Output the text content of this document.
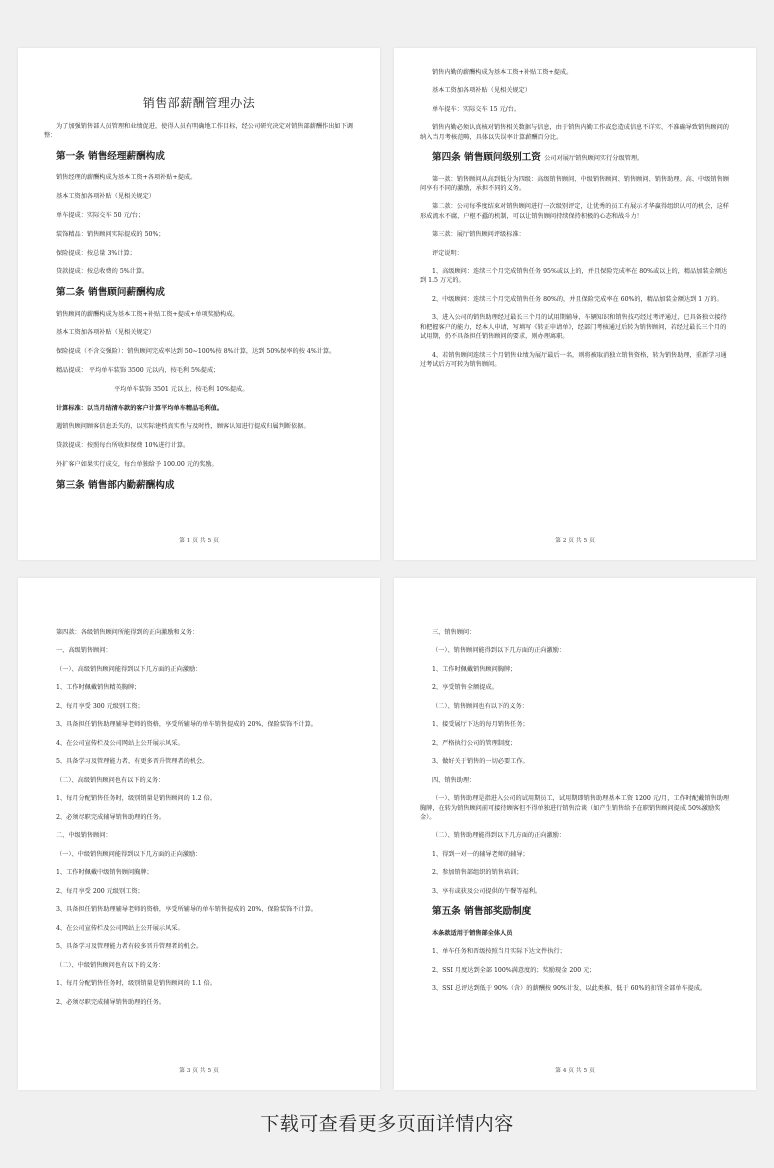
销售部薪酬管理办法
为了加强销售部人员管理和业绩促进，使得人员有明确地工作目标，经公司研究决定对销售部薪酬作出如下调整：
第一条 销售经理薪酬构成
销售经理的薪酬构成为基本工资+各项补贴+提成。
基本工资加各项补贴（见相关规定）
单车提成：实际交车 50 元/台；
装饰精品：销售顾问实际提成的 50%；
保险提成：按总量 3%计算；
贷款提成：按总收费的 5%计算。
第二条 销售顾问薪酬构成
销售顾问的薪酬构成为基本工资+补贴工资+提成+单项奖励构成。
基本工资加各项补贴（见相关规定）
保险提成（不含交强险）：销售顾问完成率达到 50~100%按 8%计算，达到 50%保率的按 4%计算。
精品提成： 平均单车装饰 3500 元以内，按毛利 5%提成；
平均单车装饰 3501 元以上，按毛利 10%提成。
计算标准：以当月结清车款的客户计算平均单车精品毛利值。
遇销售顾问顾客信息丢失的，以实际建档真实性与及时性，顾客认知进行提成归属判断依据。
贷款提成：按照每台所收担保费 10%进行计算。
外扩客户如果实行成交，每台单独给予 100.00 元的奖励。
第三条 销售部内勤薪酬构成
第 1 页 共 5 页
销售内勤的薪酬构成为基本工资+补贴工资+提成。
基本工资加各项补贴（见相关规定）
单车提车：实际交车 15 元/台。
销售内勤必须认真核对销售相关数据与信息，由于销售内勤工作或怠造成信息不详实、不准确导致销售顾问的纳入当月考核范畴，具体以失误率计算薪酬百分比。
第四条 销售顾问级别工资 公司对展厅销售顾问实行分级管理。
第一款：销售顾问从高到低分为四级：高级销售顾问、中级销售顾问、销售顾问、销售助理。高、中级销售顾问享有不同的激励，承担不同的义务。
第二款：公司每季度结束对销售顾问进行一次级别评定，让优秀的员工有展示才华赢得组织认可的机会，这样形成流水不腐，户枢不蠹的机制，可以让销售顾问持续保持积极的心态和战斗力！
第三款：展厅销售顾问评级标准：
评定说明：
1、高级顾问：连续三个月完成销售任务 95%或以上的，并且保险完成率在 80%或以上的，精品加装金额达到 1.5 万元的。
2、中级顾问：连续三个月完成销售任务 80%的，并且保险完成率在 60%的，精品加装金额达到 1 万的。
3、进入公司的销售助理经过最长三个月的试用期辅导，车辆知识和销售技巧经过考评通过，已具备独立接待和把握客户的能力，经本人申请，写填写《转正申请单》，经部门考核通过后转为销售顾问，若经过最长三个月的试用期，仍不具备担任销售顾问的要求，则办理离职。
4、若销售顾问连续三个月销售业绩为展厅最后一名，则将被取消独立销售资格，转为销售助理，重新学习通过考试后方可转为销售顾问。
第 2 页 共 5 页
第四款：各级销售顾问所能得到的正向激励和义务：
一、高级销售顾问：
（一）、高级销售顾问能得到以下几方面的正向激励：
1、工作时佩戴销售精英胸牌；
2、每月享受 300 元级别工资；
3、具备担任销售助理辅导老师的资格，享受所辅导的单车销售提成的 20%，保险装饰不计算。
4、在公司宣传栏及公司网站上公开展示风采。
5、具备学习及管理能力者，有更多晋升管理者的机会。
（二）、高级销售顾问也有以下的义务：
1、每月分配销售任务时，级别销量是销售顾问的 1.2 倍。
2、必须尽职完成辅导销售助理的任务。
二、中级销售顾问：
（一）、中级销售顾问能得到以下几方面的正向激励：
1、工作时佩戴中级销售顾问胸牌；
2、每月享受 200 元级别工资；
3、具备担任销售助理辅导老师的资格，享受所辅导的单车销售提成的 20%，保险装饰不计算。
4、在公司宣传栏及公司网站上公开展示风采。
5、具备学习及管理能力者有较多晋升管理者的机会。
（二）、中级销售顾问也有以下的义务：
1、每月分配销售任务时，级别销量是销售顾问的 1.1 倍。
2、必须尽职完成辅导销售助理的任务。
第 3 页 共 5 页
三、销售顾问：
（一）、销售顾问能得到以下几方面的正向激励：
1、工作时佩戴销售顾问胸牌；
2、享受销售全额提成。
（二）、销售顾问也有以下的义务：
1、接受展厅下达的每月销售任务；
2、严格执行公司的管理制度；
3、做好关于销售的一切必要工作。
四、销售助理：
（一）、销售助理是指进入公司的试用期员工，试用期即销售助理基本工资 1200 元/月，工作时配戴销售助理胸牌，在转为销售顾问前可接待顾客但不得单独进行销售洽谈（如产生销售给予在职销售顾问提成 50%激励奖金）。
（二）、销售助理能得到以下几方面的正向激励：
1、得到一对一的辅导老师的辅导；
2、参加销售部组织的销售培训；
3、享有或获及公司提供的午餐等福利。
第五条 销售部奖励制度
本条款适用于销售部全体人员
1、单车任务和晋级按照当月实际下达文件执行；
2、SSI 月度达到全部 100%满意度的；奖励现金 200 元；
3、SSI 总评达到低于 90%（含）的薪酬按 90%计发，以此类推，低于 60%的扣罚全部单车提成。
第 4 页 共 5 页
下载可查看更多页面详情内容
